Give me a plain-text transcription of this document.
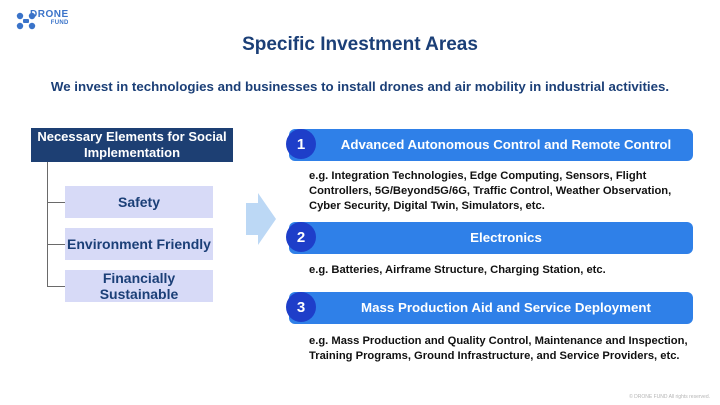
DRONE
FUND
Specific Investment Areas
We invest in technologies and businesses to install drones and air mobility in industrial activities.
Necessary Elements for Social Implementation
Safety
Environment Friendly
Financially Sustainable
1	Advanced Autonomous Control and Remote Control
e.g. Integration Technologies, Edge Computing, Sensors, Flight Controllers, 5G/Beyond5G/6G, Traffic Control, Weather Observation, Cyber Security, Digital Twin, Simulators, etc.
2	Electronics
e.g. Batteries, Airframe Structure, Charging Station, etc.
3	Mass Production Aid and Service Deployment
e.g. Mass Production and Quality Control, Maintenance and Inspection, Training Programs, Ground Infrastructure, and Service Providers, etc.
© DRONE FUND All rights reserved.
